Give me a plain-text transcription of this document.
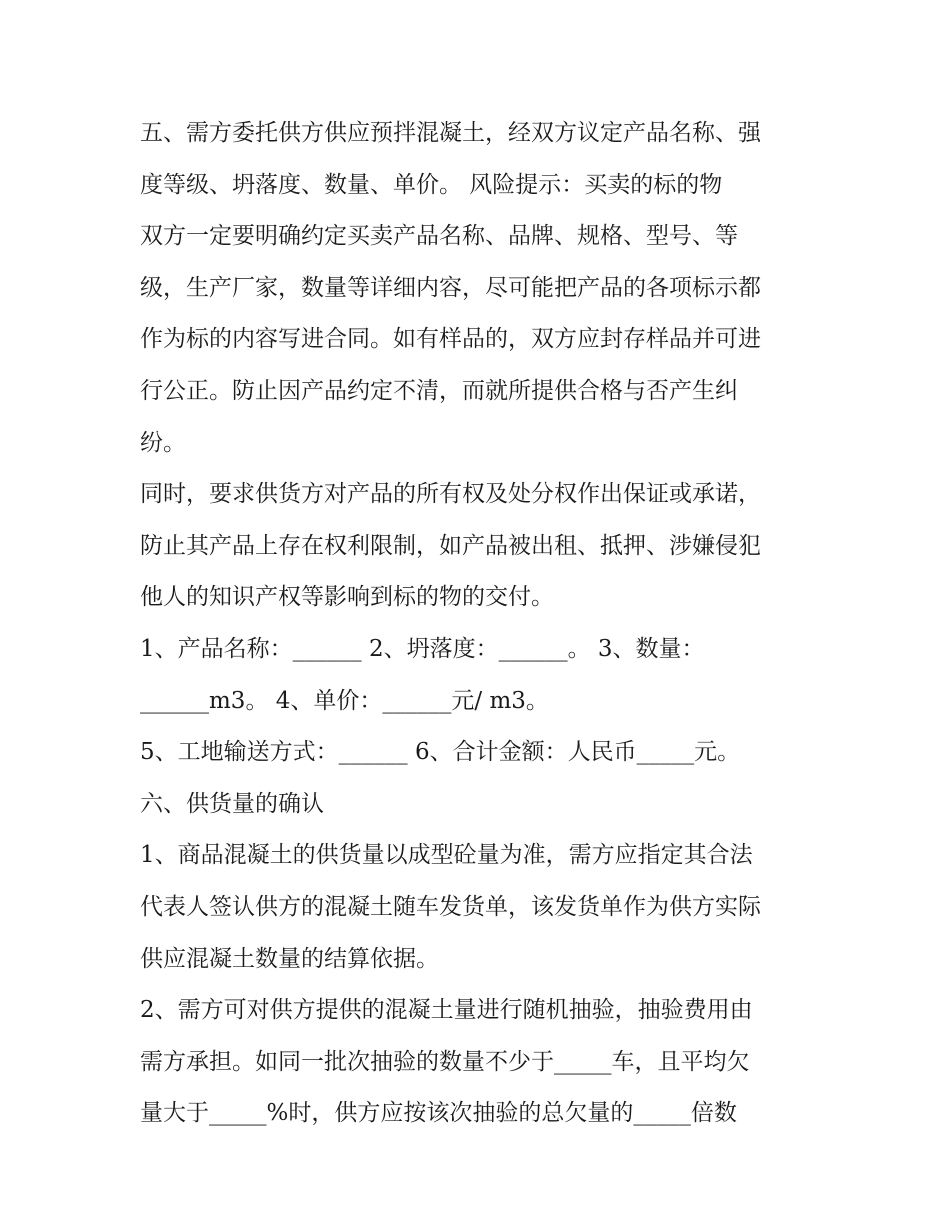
五、需方委托供方供应预拌混凝土，经双方议定产品名称、强
度等级、坍落度、数量、单价。 风险提示：买卖的标的物
双方一定要明确约定买卖产品名称、品牌、规格、型号、等
级，生产厂家，数量等详细内容，尽可能把产品的各项标示都
作为标的内容写进合同。如有样品的，双方应封存样品并可进
行公正。防止因产品约定不清，而就所提供合格与否产生纠
纷。
同时，要求供货方对产品的所有权及处分权作出保证或承诺，
防止其产品上存在权利限制，如产品被出租、抵押、涉嫌侵犯
他人的知识产权等影响到标的物的交付。
1、产品名称：______ 2、坍落度：______。 3、数量：
______m3。 4、单价：______元/ m3。
5、工地输送方式：______ 6、合计金额：人民币_____元。
六、供货量的确认
1、商品混凝土的供货量以成型砼量为准，需方应指定其合法
代表人签认供方的混凝土随车发货单，该发货单作为供方实际
供应混凝土数量的结算依据。
2、需方可对供方提供的混凝土量进行随机抽验，抽验费用由
需方承担。如同一批次抽验的数量不少于_____车，且平均欠
量大于_____%时，供方应按该次抽验的总欠量的_____倍数
